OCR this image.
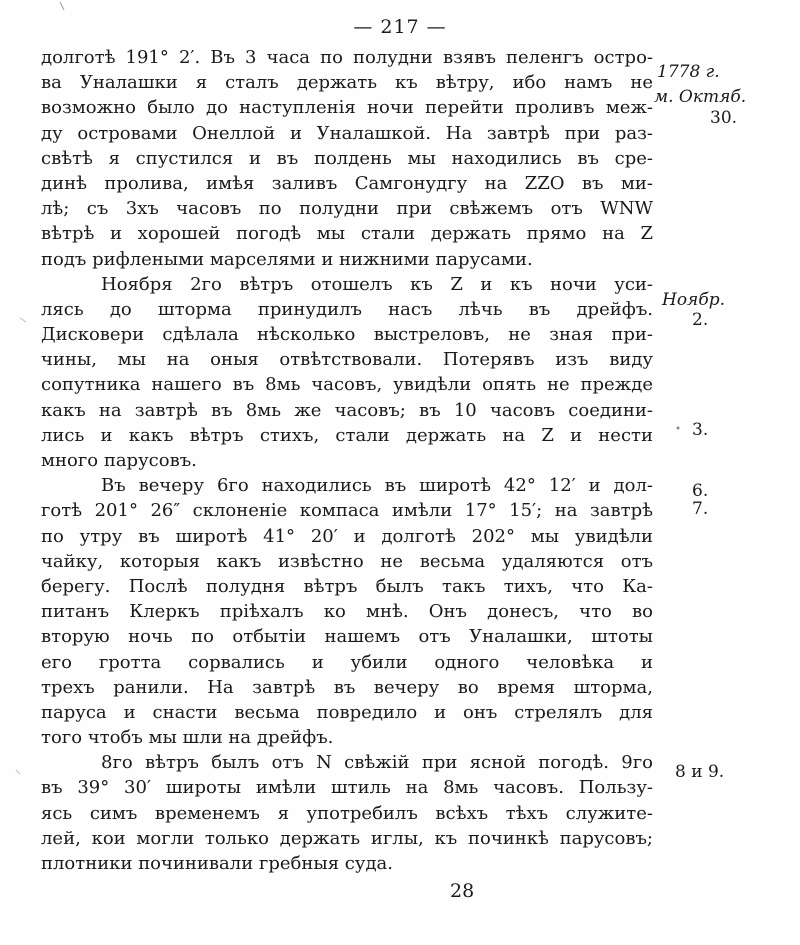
— 217 —
долготѣ 191° 2′. Въ 3 часа по полудни взявъ пеленгъ остро-
ва Уналашки я сталъ держать къ вѣтру, ибо намъ не
возможно было до наступленія ночи перейти проливъ меж-
ду островами Онеллой и Уналашкой. На завтрѣ при раз-
свѣтѣ я спустился и въ полдень мы находились въ сре-
динѣ пролива, имѣя заливъ Самгонудгу на ZZO въ ми-
лѣ; съ 3хъ часовъ по полудни при свѣжемъ отъ WNW
вѣтрѣ и хорошей погодѣ мы стали держать прямо на Z
подъ рифлеными марселями и нижними парусами.
Ноября 2го вѣтръ отошелъ къ Z и къ ночи уси-
лясь до шторма принудилъ насъ лѣчь въ дрейфъ.
Дисковери сдѣлала нѣсколько выстреловъ, не зная при-
чины, мы на оныя отвѣтствовали. Потерявъ изъ виду
сопутника нашего въ 8мь часовъ, увидѣли опять не прежде
какъ на завтрѣ въ 8мь же часовъ; въ 10 часовъ соедини-
лись и какъ вѣтръ стихъ, стали держать на Z и нести
много парусовъ.
Въ вечеру 6го находились въ широтѣ 42° 12′ и дол-
готѣ 201° 26″ склоненіе компаса имѣли 17° 15′; на завтрѣ
по утру въ широтѣ 41° 20′ и долготѣ 202° мы увидѣли
чайку, которыя какъ извѣстно не весьма удаляются отъ
берегу. Послѣ полудня вѣтръ былъ такъ тихъ, что Ка-
питанъ Клеркъ пріѣхалъ ко мнѣ. Онъ донесъ, что во
вторую ночь по отбытіи нашемъ отъ Уналашки, штоты
его гротта сорвались и убили одного человѣка и
трехъ ранили. На завтрѣ въ вечеру во время шторма,
паруса и снасти весьма повредило и онъ стрелялъ для
того чтобъ мы шли на дрейфъ.
8го вѣтръ былъ отъ N свѣжій при ясной погодѣ. 9го
въ 39° 30′ широты имѣли штиль на 8мь часовъ. Пользу-
ясь симъ временемъ я употребилъ всѣхъ тѣхъ служите-
лей, кои могли только держать иглы, къ починкѣ парусовъ;
плотники починивали гребныя суда.
1778 г.
м. Октяб.
30.
Ноябр.
2.
3.
6.
7.
8 и 9.
28
